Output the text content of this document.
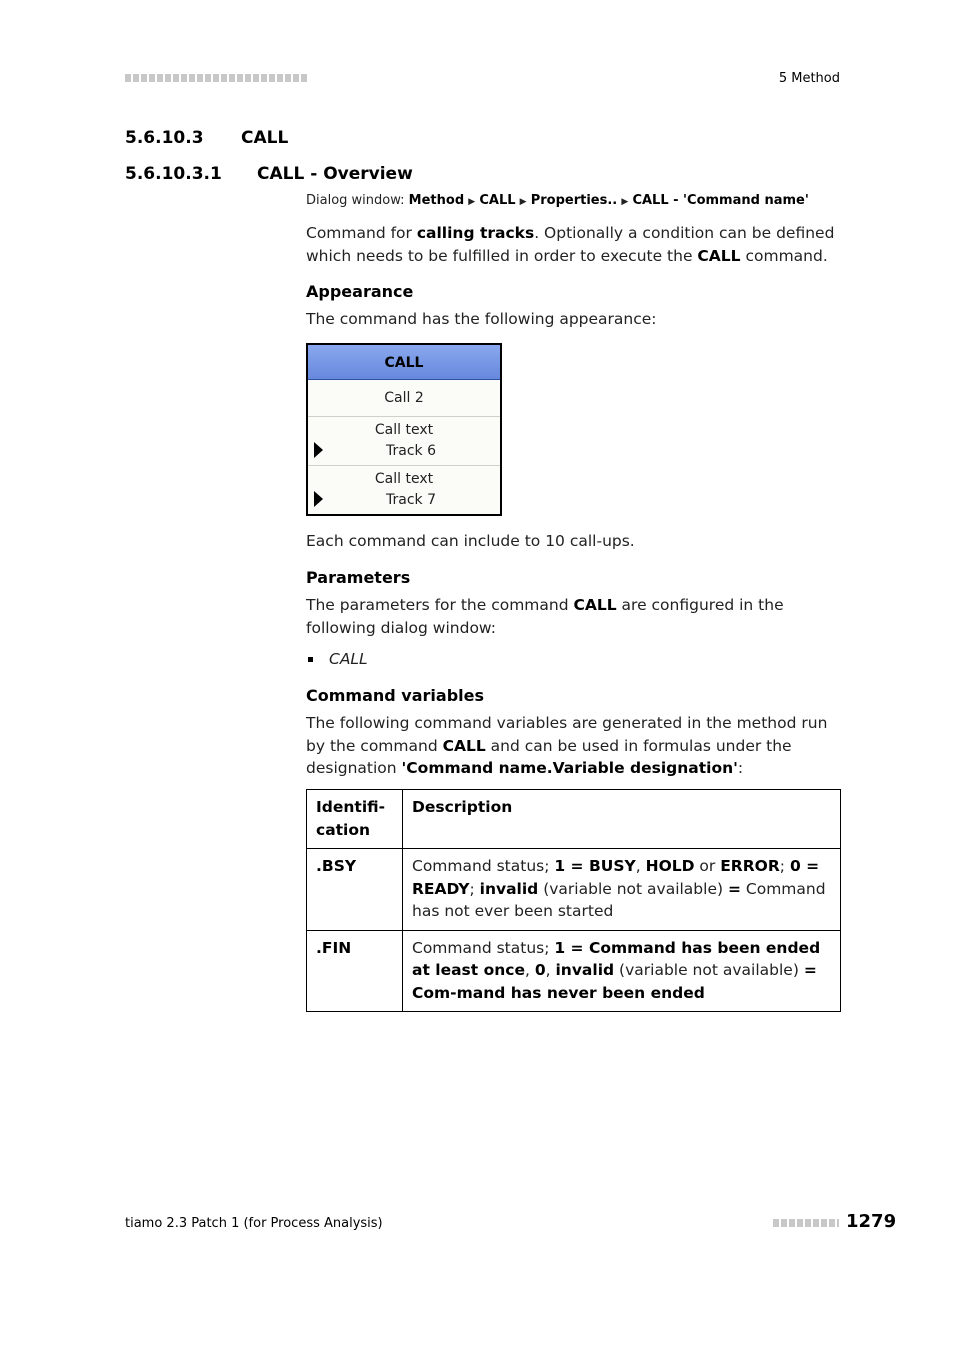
5 Method
5.6.10.3 CALL
5.6.10.3.1 CALL - Overview
Dialog window: Method ▶ CALL ▶ Properties.. ▶ CALL - 'Command name'
Command for calling tracks. Optionally a condition can be defined which needs to be fulfilled in order to execute the CALL command.
Appearance
The command has the following appearance:
CALL
Call 2
Call text
Track 6
Call text
Track 7
Each command can include to 10 call-ups.
Parameters
The parameters for the command CALL are configured in the following dialog window:
CALL
Command variables
The following command variables are generated in the method run by the command CALL and can be used in formulas under the designation 'Command name.Variable designation':
Identifi-cation	Description
.BSY	Command status; 1 = BUSY, HOLD or ERROR; 0 = READY; invalid (variable not available) = Command has not ever been started
.FIN	Command status; 1 = Command has been ended at least once, 0, invalid (variable not available) = Com-mand has never been ended
tiamo 2.3 Patch 1 (for Process Analysis)	1279
